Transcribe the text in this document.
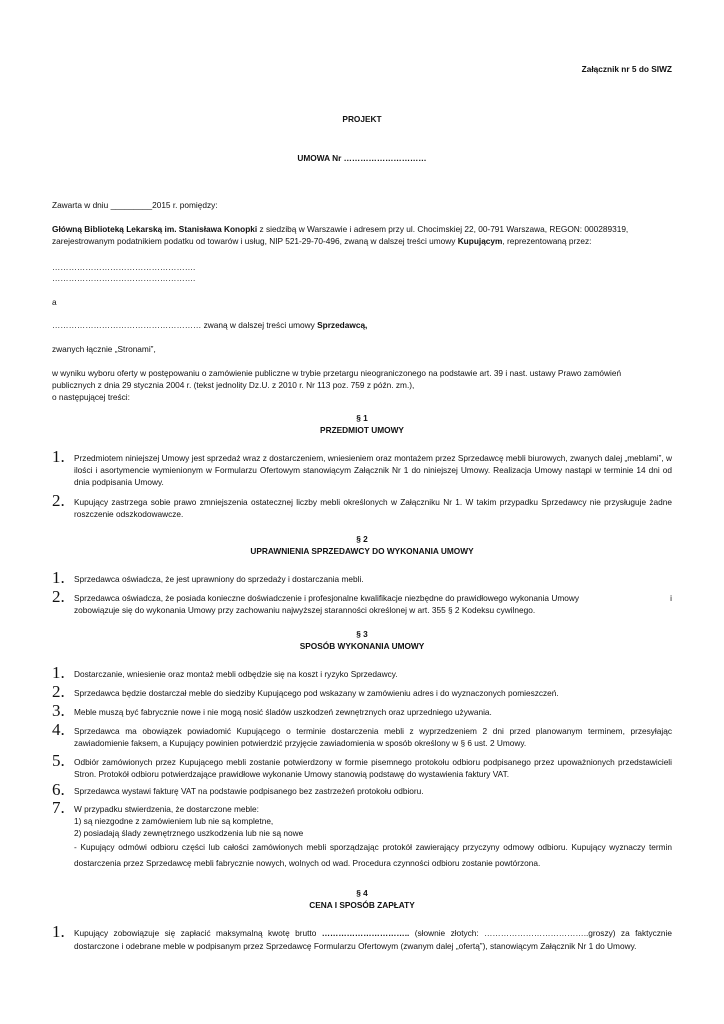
Załącznik nr 5 do SIWZ
PROJEKT
UMOWA Nr …………………………
Zawarta w dniu _________2015 r. pomiędzy:
Główną Biblioteką Lekarską im. Stanisława Konopki z siedzibą w Warszawie i adresem przy ul. Chocimskiej 22, 00-791 Warszawa, REGON: 000289319,
zarejestrowanym podatnikiem podatku od towarów i usług, NIP 521-29-70-496, zwaną w dalszej treści umowy Kupującym, reprezentowaną przez:
…………………………………………….
…………………………………………….
a
……………………………………………… zwaną w dalszej treści umowy Sprzedawcą,
zwanych łącznie „Stronami”,
w wyniku wyboru oferty w postępowaniu o zamówienie publiczne w trybie przetargu nieograniczonego na podstawie art. 39 i nast. ustawy Prawo zamówień
publicznych z dnia 29 stycznia 2004 r. (tekst jednolity Dz.U. z 2010 r. Nr 113 poz. 759 z późn. zm.),
o następującej treści:
§ 1
PRZEDMIOT UMOWY
1. Przedmiotem niniejszej Umowy jest sprzedaż wraz z dostarczeniem, wniesieniem oraz montażem przez Sprzedawcę mebli biurowych, zwanych dalej „meblami”, w ilości i asortymencie wymienionym w Formularzu Ofertowym stanowiącym Załącznik Nr 1 do niniejszej Umowy. Realizacja Umowy nastąpi w terminie 14 dni od dnia podpisania Umowy.
2. Kupujący zastrzega sobie prawo zmniejszenia ostatecznej liczby mebli określonych w Załączniku Nr 1. W takim przypadku Sprzedawcy nie przysługuje żadne roszczenie odszkodowawcze.
§ 2
UPRAWNIENIA SPRZEDAWCY DO WYKONANIA UMOWY
1. Sprzedawca oświadcza, że jest uprawniony do sprzedaży i dostarczania mebli.
2. Sprzedawca oświadcza, że posiada konieczne doświadczenie i profesjonalne kwalifikacje niezbędne do prawidłowego wykonania Umowy	i
zobowiązuje się do wykonania Umowy przy zachowaniu najwyższej staranności określonej w art. 355 § 2 Kodeksu cywilnego.
§ 3
SPOSÓB WYKONANIA UMOWY
1. Dostarczanie, wniesienie oraz montaż mebli odbędzie się na koszt i ryzyko Sprzedawcy.
2. Sprzedawca będzie dostarczał meble do siedziby Kupującego pod wskazany w zamówieniu adres i do wyznaczonych pomieszczeń.
3. Meble muszą być fabrycznie nowe i nie mogą nosić śladów uszkodzeń zewnętrznych oraz uprzedniego używania.
4. Sprzedawca ma obowiązek powiadomić Kupującego o terminie dostarczenia mebli z wyprzedzeniem 2 dni przed planowanym terminem, przesyłając zawiadomienie faksem, a Kupujący powinien potwierdzić przyjęcie zawiadomienia w sposób określony w § 6 ust. 2 Umowy.
5. Odbiór zamówionych przez Kupującego mebli zostanie potwierdzony w formie pisemnego protokołu odbioru podpisanego przez upoważnionych przedstawicieli Stron. Protokół odbioru potwierdzające prawidłowe wykonanie Umowy stanowią podstawę do wystawienia faktury VAT.
6. Sprzedawca wystawi fakturę VAT na podstawie podpisanego bez zastrzeżeń protokołu odbioru.
7. W przypadku stwierdzenia, że dostarczone meble:
1) są niezgodne z zamówieniem lub nie są kompletne,
2) posiadają ślady zewnętrznego uszkodzenia lub nie są nowe
- Kupujący odmówi odbioru części lub całości zamówionych mebli sporządzając protokół zawierający przyczyny odmowy odbioru. Kupujący wyznaczy termin dostarczenia przez Sprzedawcę mebli fabrycznie nowych, wolnych od wad. Procedura czynności odbioru zostanie powtórzona.
§ 4
CENA I SPOSÓB ZAPŁATY
1. Kupujący zobowiązuje się zapłacić maksymalną kwotę brutto ………………………….. (słownie złotych: ………………………………..groszy) za faktycznie dostarczone i odebrane meble w podpisanym przez Sprzedawcę Formularzu Ofertowym (zwanym dalej „ofertą”), stanowiącym Załącznik Nr 1 do Umowy.
